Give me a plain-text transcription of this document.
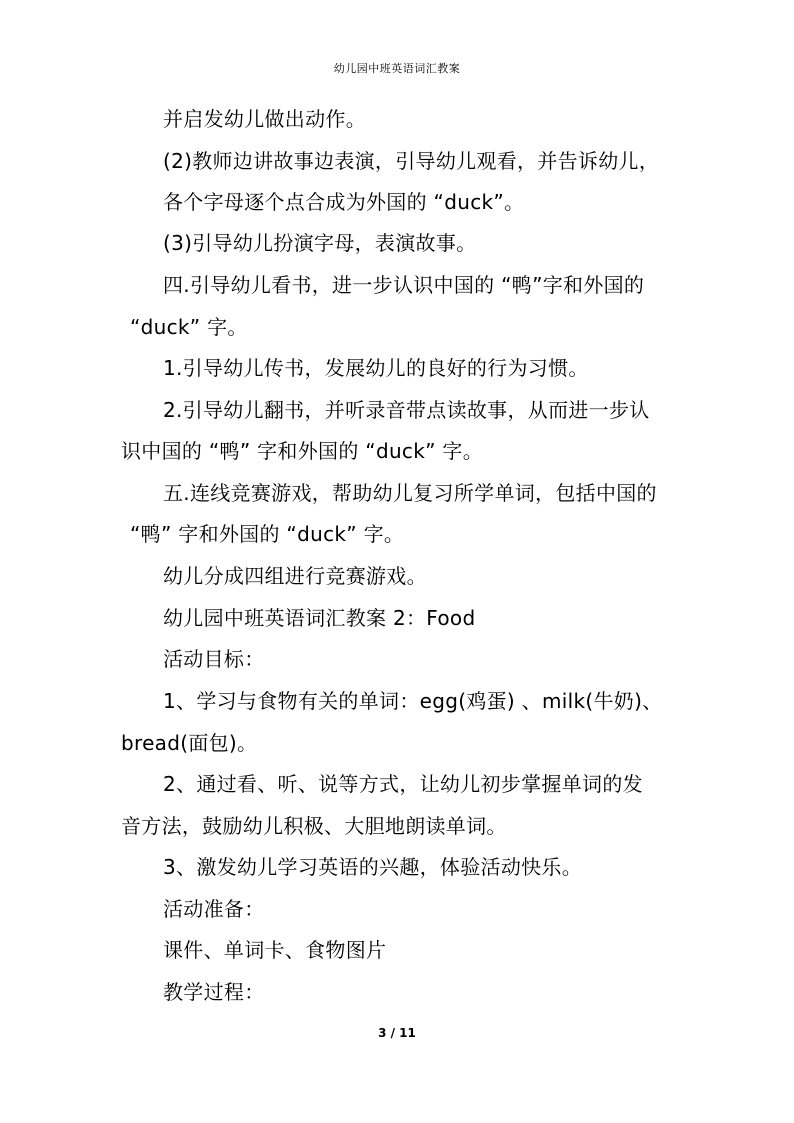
幼儿园中班英语词汇教案
并启发幼儿做出动作。
(2)教师边讲故事边表演，引导幼儿观看，并告诉幼儿，
各个字母逐个点合成为外国的 “duck”。
(3)引导幼儿扮演字母，表演故事。
四.引导幼儿看书，进一步认识中国的 “鸭”字和外国的
“duck” 字。
1.引导幼儿传书，发展幼儿的良好的行为习惯。
2.引导幼儿翻书，并听录音带点读故事，从而进一步认
识中国的 “鸭” 字和外国的 “duck” 字。
五.连线竞赛游戏，帮助幼儿复习所学单词，包括中国的
“鸭” 字和外国的 “duck” 字。
幼儿分成四组进行竞赛游戏。
幼儿园中班英语词汇教案 2：Food
活动目标：
1、学习与食物有关的单词：egg(鸡蛋) 、milk(牛奶)、
bread(面包)。
2、通过看、听、说等方式，让幼儿初步掌握单词的发
音方法，鼓励幼儿积极、大胆地朗读单词。
3、激发幼儿学习英语的兴趣，体验活动快乐。
活动准备：
课件、单词卡、食物图片
教学过程：
3 / 11
